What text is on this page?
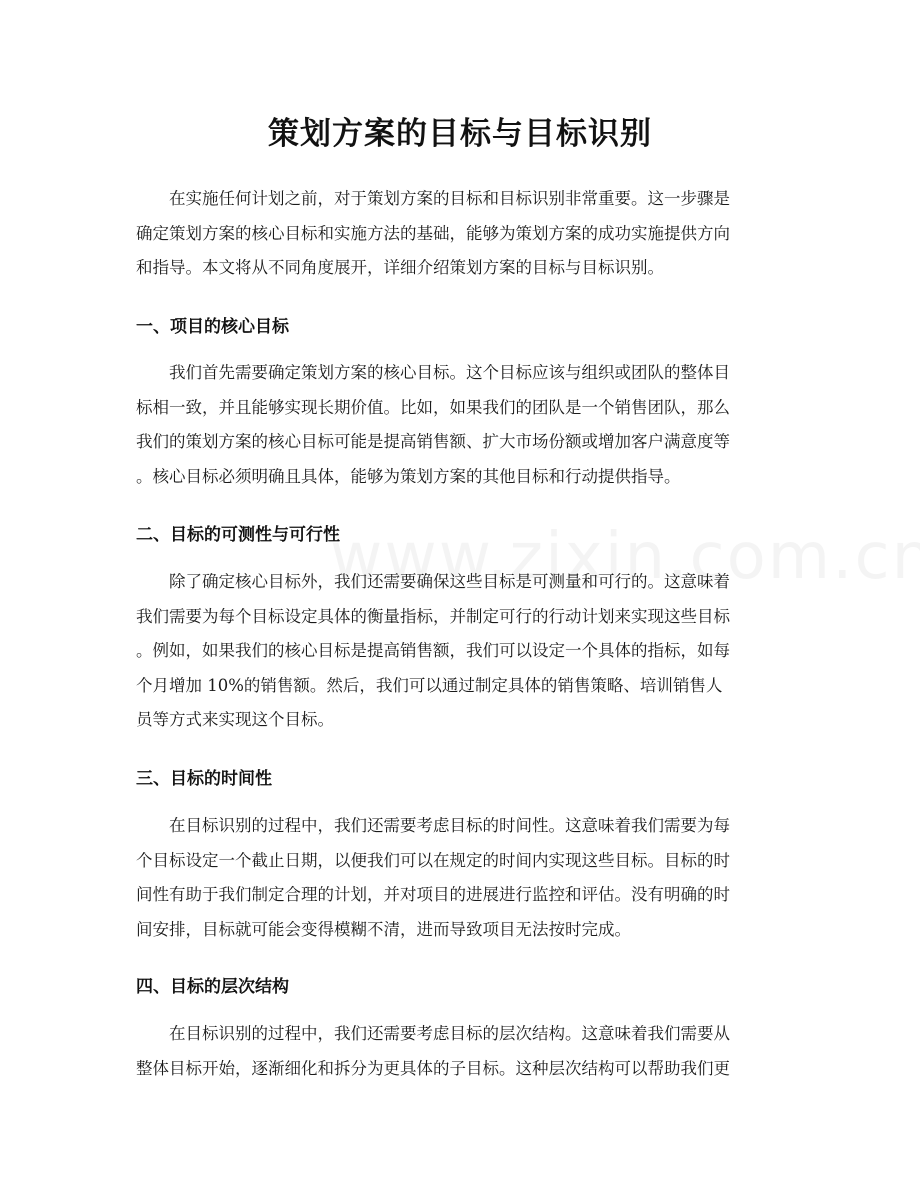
策划方案的目标与目标识别
在实施任何计划之前，对于策划方案的目标和目标识别非常重要。这一步骤是
确定策划方案的核心目标和实施方法的基础，能够为策划方案的成功实施提供方向
和指导。本文将从不同角度展开，详细介绍策划方案的目标与目标识别。
一、项目的核心目标
我们首先需要确定策划方案的核心目标。这个目标应该与组织或团队的整体目
标相一致，并且能够实现长期价值。比如，如果我们的团队是一个销售团队，那么
我们的策划方案的核心目标可能是提高销售额、扩大市场份额或增加客户满意度等
。核心目标必须明确且具体，能够为策划方案的其他目标和行动提供指导。
二、目标的可测性与可行性
除了确定核心目标外，我们还需要确保这些目标是可测量和可行的。这意味着
我们需要为每个目标设定具体的衡量指标，并制定可行的行动计划来实现这些目标
。例如，如果我们的核心目标是提高销售额，我们可以设定一个具体的指标，如每
个月增加 10%的销售额。然后，我们可以通过制定具体的销售策略、培训销售人
员等方式来实现这个目标。
三、目标的时间性
在目标识别的过程中，我们还需要考虑目标的时间性。这意味着我们需要为每
个目标设定一个截止日期，以便我们可以在规定的时间内实现这些目标。目标的时
间性有助于我们制定合理的计划，并对项目的进展进行监控和评估。没有明确的时
间安排，目标就可能会变得模糊不清，进而导致项目无法按时完成。
四、目标的层次结构
在目标识别的过程中，我们还需要考虑目标的层次结构。这意味着我们需要从
整体目标开始，逐渐细化和拆分为更具体的子目标。这种层次结构可以帮助我们更
